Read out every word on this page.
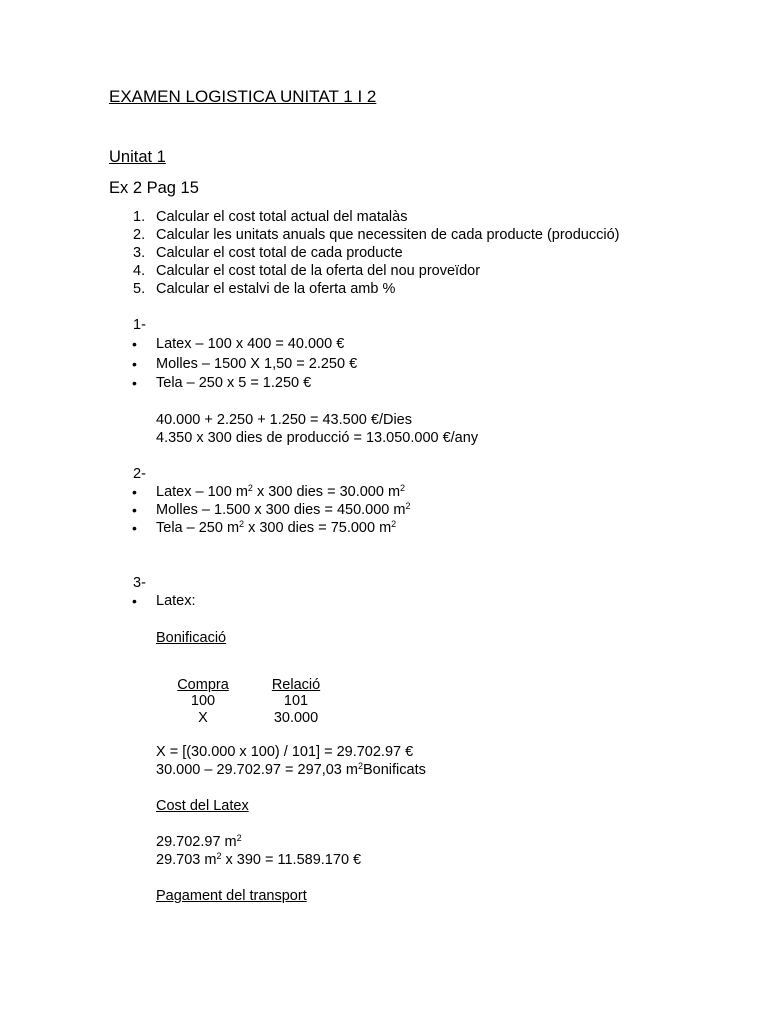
EXAMEN LOGISTICA UNITAT 1 I 2
Unitat 1
Ex 2 Pag 15
1. Calcular el cost total actual del matalàs
2. Calcular les unitats anuals que necessiten de cada producte (producció)
3. Calcular el cost total de cada producte
4. Calcular el cost total de la oferta del nou proveïdor
5. Calcular el estalvi de la oferta amb %
1-
• Latex – 100 x 400 = 40.000 €
• Molles – 1500 X 1,50 = 2.250 €
• Tela – 250 x 5 = 1.250 €
40.000 + 2.250 + 1.250 = 43.500 €/Dies
4.350 x 300 dies de producció = 13.050.000 €/any
2-
• Latex – 100 $m^2$ x 300 dies = 30.000 $m^2$
• Molles – 1.500 x 300 dies = 450.000 $m^2$
• Tela – 250 $m^2$ x 300 dies = 75.000 $m^2$
3-
• Latex:
Bonificació
Compra	Relació
100	101
X	30.000
X = [(30.000 x 100) / 101] = 29.702.97 €
30.000 – 29.702.97 = 297,03 $m^2Bonificats$
Cost del Latex
29.702.97 $m^2$
29.703 $m^2$ x 390 = 11.589.170 €
Pagament del transport
